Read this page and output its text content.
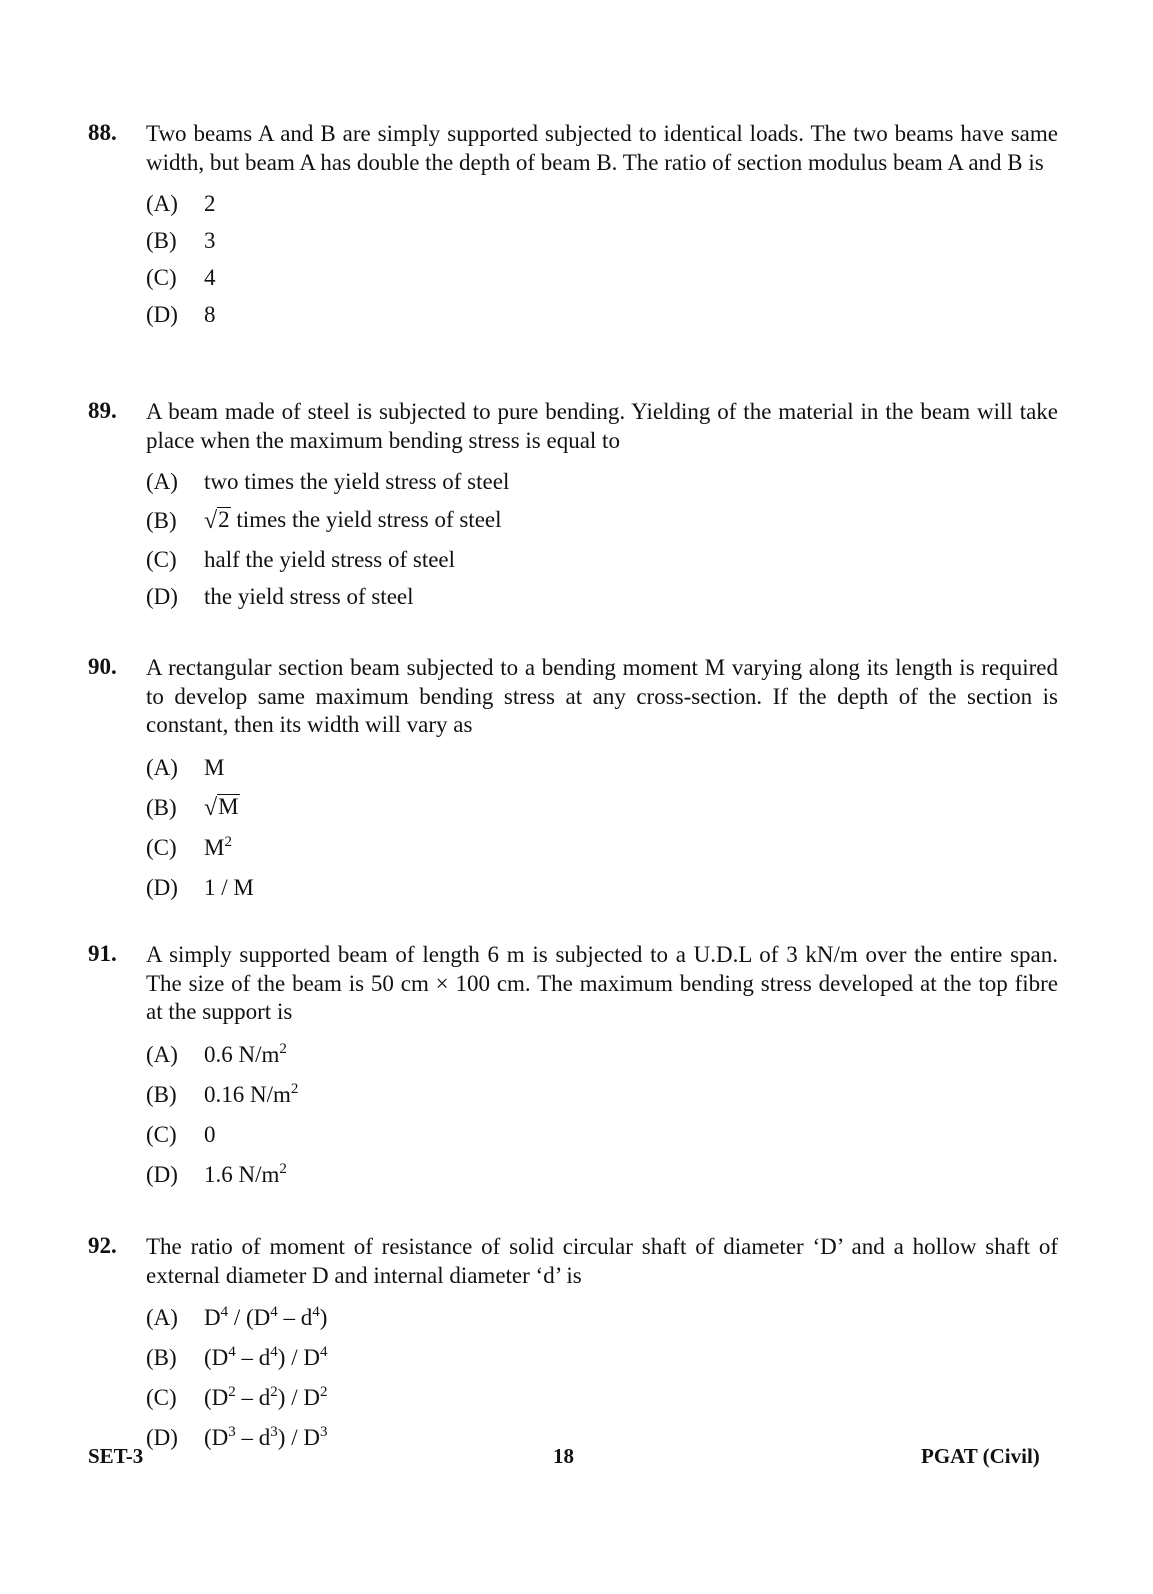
88. Two beams A and B are simply supported subjected to identical loads. The two beams have same width, but beam A has double the depth of beam B. The ratio of section modulus beam A and B is
(A)	2
(B)	3
(C)	4
(D)	8
89. A beam made of steel is subjected to pure bending. Yielding of the material in the beam will take place when the maximum bending stress is equal to
(A)	two times the yield stress of steel
(B)	√ 2 times the yield stress of steel
(C)	half the yield stress of steel
(D)	the yield stress of steel
90. A rectangular section beam subjected to a bending moment M varying along its length is required to develop same maximum bending stress at any cross-section. If the depth of the section is constant, then its width will vary as
(A)	M
(B)	√ M
(C)	$M^2$
(D)	1 / M
91. A simply supported beam of length 6 m is subjected to a U.D.L of 3 kN/m over the entire span. The size of the beam is 50 cm × 100 cm. The maximum bending stress developed at the top fibre at the support is
(A)	0.6 $N/m^2$
(B)	0.16 $N/m^2$
(C)	0
(D)	1.6 $N/m^2$
92. The ratio of moment of resistance of solid circular shaft of diameter ‘D’ and a hollow shaft of external diameter D and internal diameter ‘d’ is
(A)	$D^4 / (D^4 - d^4)$
(B)	$(D^4 - d^4) / D^4$
(C)	$(D^2 - d^2) / D^2$
(D)	$(D^3 - d^3) / D^3$
SET-3	18	PGAT (Civil)
